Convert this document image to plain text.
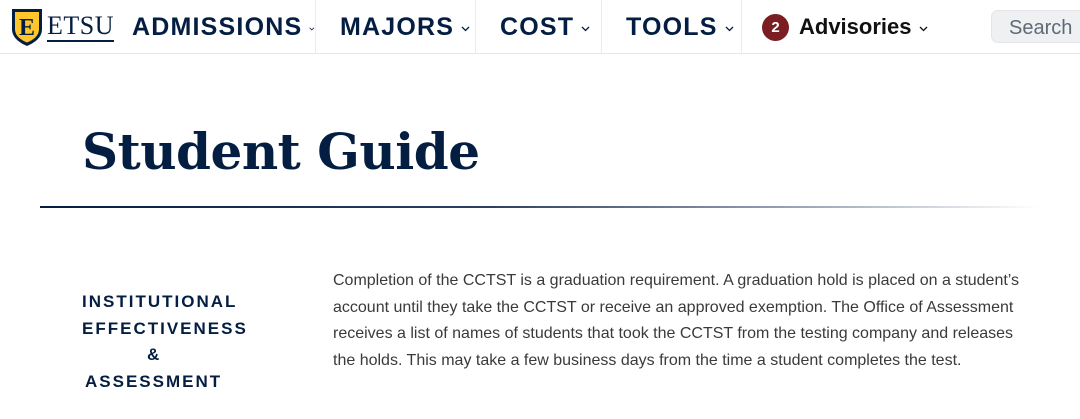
E ETSU ADMISSIONS MAJORS COST TOOLS	2 Advisories
Search
Student Guide
INSTITUTIONAL
EFFECTIVENESS
&
ASSESSMENT

Completion of the CCTST is a graduation requirement. A graduation hold is placed on a student’s account until they take the CCTST or receive an approved exemption. The Office of Assessment receives a list of names of students that took the CCTST from the testing company and releases the holds. This may take a few business days from the time a student completes the test.
